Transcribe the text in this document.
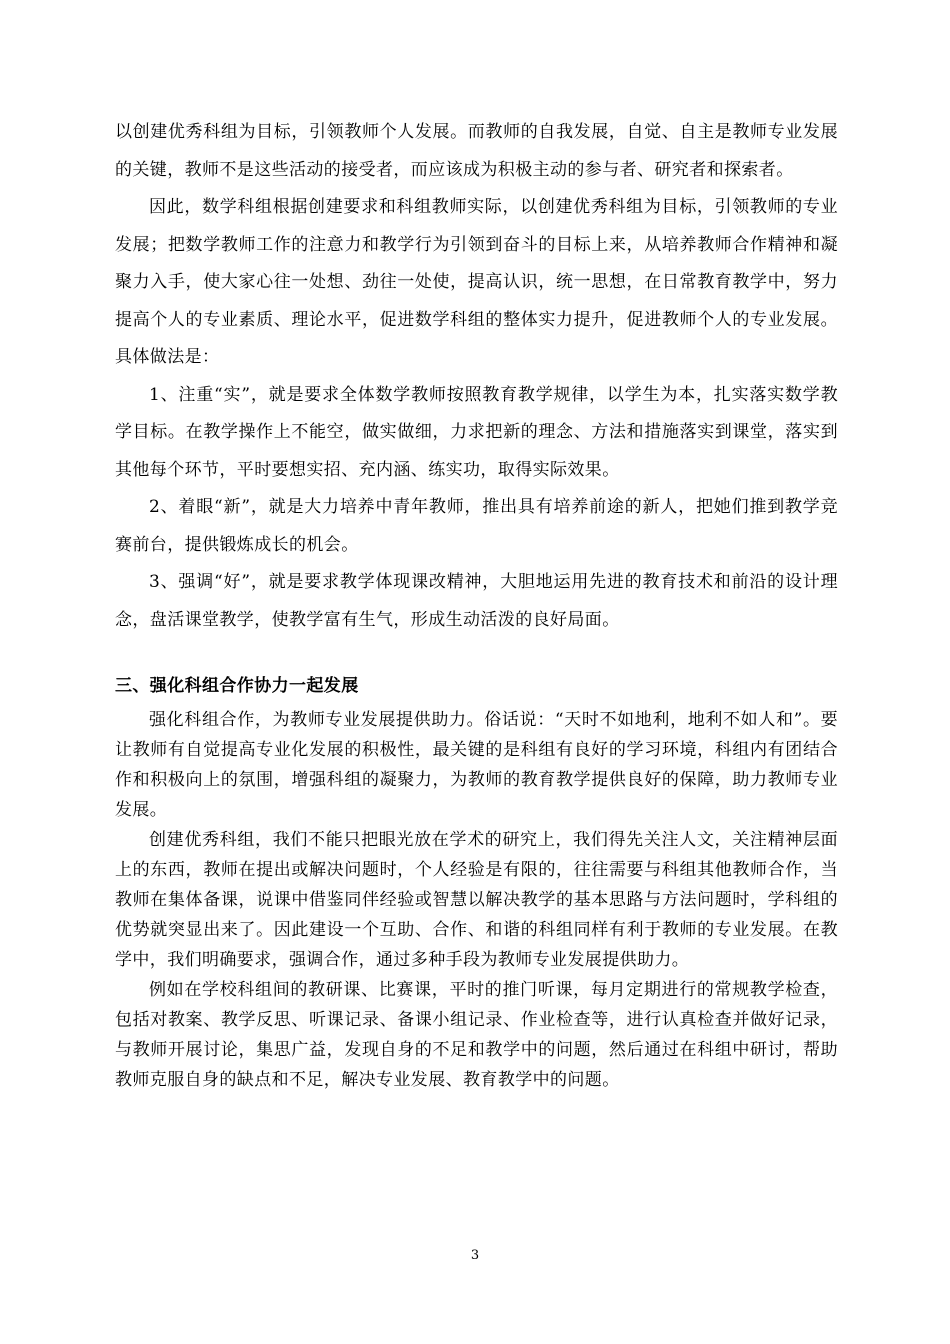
以创建优秀科组为目标，引领教师个人发展。而教师的自我发展，自觉、自主是教师专业发展的关键，教师不是这些活动的接受者，而应该成为积极主动的参与者、研究者和探索者。

因此，数学科组根据创建要求和科组教师实际，以创建优秀科组为目标，引领教师的专业发展；把数学教师工作的注意力和教学行为引领到奋斗的目标上来，从培养教师合作精神和凝聚力入手，使大家心往一处想、劲往一处使，提高认识，统一思想，在日常教育教学中，努力提高个人的专业素质、理论水平，促进数学科组的整体实力提升，促进教师个人的专业发展。具体做法是：

1、注重“实”，就是要求全体数学教师按照教育教学规律，以学生为本，扎实落实数学教学目标。在教学操作上不能空，做实做细，力求把新的理念、方法和措施落实到课堂，落实到其他每个环节，平时要想实招、充内涵、练实功，取得实际效果。

2、着眼“新”，就是大力培养中青年教师，推出具有培养前途的新人，把她们推到教学竞赛前台，提供锻炼成长的机会。

3、强调“好”，就是要求教学体现课改精神，大胆地运用先进的教育技术和前沿的设计理念，盘活课堂教学，使教学富有生气，形成生动活泼的良好局面。

三、强化科组合作协力一起发展

强化科组合作，为教师专业发展提供助力。俗话说：“天时不如地利，地利不如人和”。要让教师有自觉提高专业化发展的积极性，最关键的是科组有良好的学习环境，科组内有团结合作和积极向上的氛围，增强科组的凝聚力，为教师的教育教学提供良好的保障，助力教师专业发展。

创建优秀科组，我们不能只把眼光放在学术的研究上，我们得先关注人文，关注精神层面上的东西，教师在提出或解决问题时，个人经验是有限的，往往需要与科组其他教师合作，当教师在集体备课，说课中借鉴同伴经验或智慧以解决教学的基本思路与方法问题时，学科组的优势就突显出来了。因此建设一个互助、合作、和谐的科组同样有利于教师的专业发展。在教学中，我们明确要求，强调合作，通过多种手段为教师专业发展提供助力。

例如在学校科组间的教研课、比赛课，平时的推门听课，每月定期进行的常规教学检查，包括对教案、教学反思、听课记录、备课小组记录、作业检查等，进行认真检查并做好记录，与教师开展讨论，集思广益，发现自身的不足和教学中的问题，然后通过在科组中研讨，帮助教师克服自身的缺点和不足，解决专业发展、教育教学中的问题。

3
